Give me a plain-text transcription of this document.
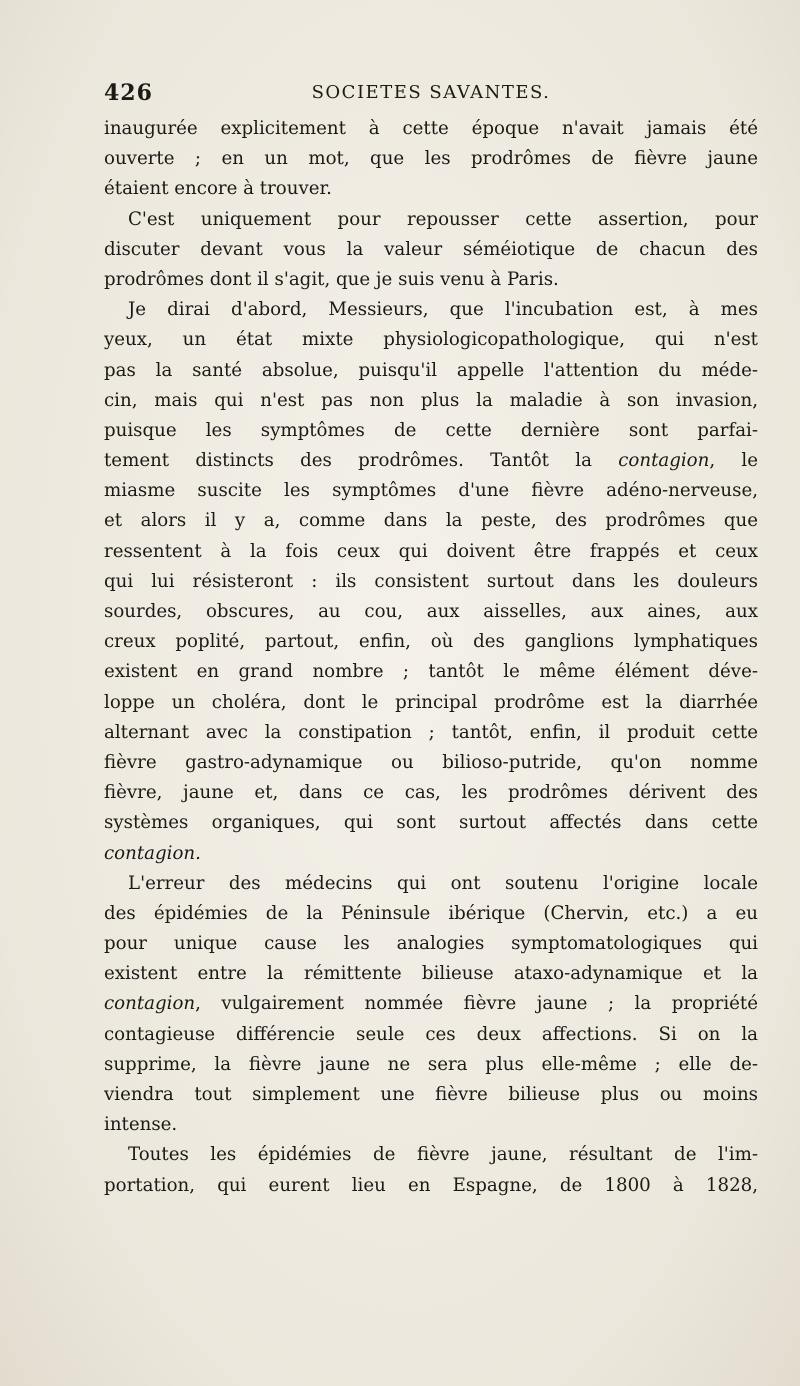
426	SOCIETES SAVANTES.
inaugurée explicitement à cette époque n'avait jamais été
ouverte ; en un mot, que les prodrômes de fièvre jaune
étaient encore à trouver.
C'est uniquement pour repousser cette assertion, pour
discuter devant vous la valeur séméiotique de chacun des
prodrômes dont il s'agit, que je suis venu à Paris.
Je dirai d'abord, Messieurs, que l'incubation est, à mes
yeux, un état mixte physiologicopathologique, qui n'est
pas la santé absolue, puisqu'il appelle l'attention du méde-
cin, mais qui n'est pas non plus la maladie à son invasion,
puisque les symptômes de cette dernière sont parfai-
tement distincts des prodrômes. Tantôt la contagion, le
miasme suscite les symptômes d'une fièvre adéno-nerveuse,
et alors il y a, comme dans la peste, des prodrômes que
ressentent à la fois ceux qui doivent être frappés et ceux
qui lui résisteront : ils consistent surtout dans les douleurs
sourdes, obscures, au cou, aux aisselles, aux aines, aux
creux poplité, partout, enfin, où des ganglions lymphatiques
existent en grand nombre ; tantôt le même élément déve-
loppe un choléra, dont le principal prodrôme est la diarrhée
alternant avec la constipation ; tantôt, enfin, il produit cette
fièvre gastro-adynamique ou bilioso-putride, qu'on nomme
fièvre, jaune et, dans ce cas, les prodrômes dérivent des
systèmes organiques, qui sont surtout affectés dans cette
contagion.
L'erreur des médecins qui ont soutenu l'origine locale
des épidémies de la Péninsule ibérique (Chervin, etc.) a eu
pour unique cause les analogies symptomatologiques qui
existent entre la rémittente bilieuse ataxo-adynamique et la
contagion, vulgairement nommée fièvre jaune ; la propriété
contagieuse différencie seule ces deux affections. Si on la
supprime, la fièvre jaune ne sera plus elle-même ; elle de-
viendra tout simplement une fièvre bilieuse plus ou moins
intense.
Toutes les épidémies de fièvre jaune, résultant de l'im-
portation, qui eurent lieu en Espagne, de 1800 à 1828,
